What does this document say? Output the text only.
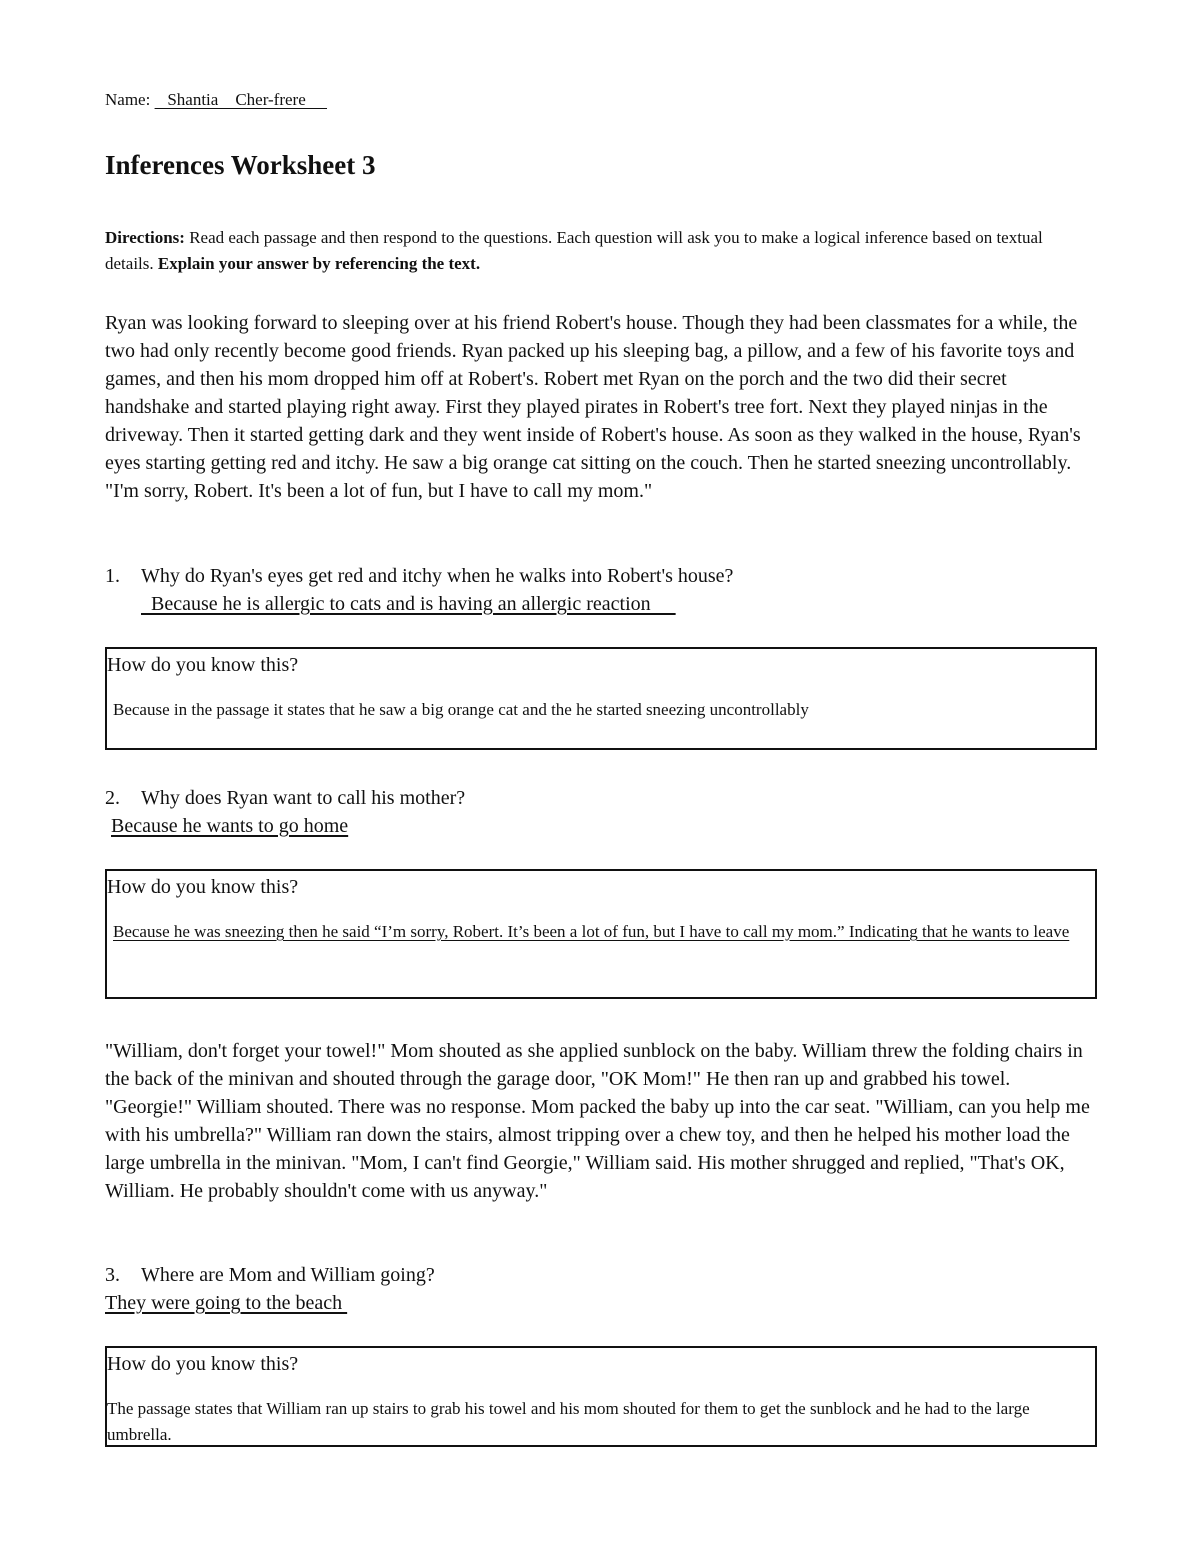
Name:    Shantia    Cher-frere
Inferences Worksheet 3

Directions: Read each passage and then respond to the questions. Each question will ask you to make a logical inference based on textual details. Explain your answer by referencing the text.

Ryan was looking forward to sleeping over at his friend Robert's house. Though they had been classmates for a while, the two had only recently become good friends. Ryan packed up his sleeping bag, a pillow, and a few of his favorite toys and games, and then his mom dropped him off at Robert's. Robert met Ryan on the porch and the two did their secret handshake and started playing right away. First they played pirates in Robert's tree fort. Next they played ninjas in the driveway. Then it started getting dark and they went inside of Robert's house. As soon as they walked in the house, Ryan's eyes starting getting red and itchy. He saw a big orange cat sitting on the couch. Then he started sneezing uncontrollably. "I'm sorry, Robert. It's been a lot of fun, but I have to call my mom."

1. Why do Ryan's eyes get red and itchy when he walks into Robert's house?

Because he is allergic to cats and is having an allergic reaction

How do you know this?

Because in the passage it states that he saw a big orange cat and the he started sneezing uncontrollably

2. Why does Ryan want to call his mother?

Because he wants to go home

How do you know this?

Because he was sneezing then he said “I’m sorry, Robert. It’s been a lot of fun, but I have to call my mom.” Indicating that he wants to leave

"William, don't forget your towel!" Mom shouted as she applied sunblock on the baby. William threw the folding chairs in the back of the minivan and shouted through the garage door, "OK Mom!" He then ran up and grabbed his towel. "Georgie!" William shouted. There was no response. Mom packed the baby up into the car seat. "William, can you help me with his umbrella?" William ran down the stairs, almost tripping over a chew toy, and then he helped his mother load the large umbrella in the minivan. "Mom, I can't find Georgie," William said. His mother shrugged and replied, "That's OK, William. He probably shouldn't come with us anyway."

3. Where are Mom and William going?

They were going to the beach

How do you know this?

The passage states that William ran up stairs to grab his towel and his mom shouted for them to get the sunblock and he had to the large umbrella.
